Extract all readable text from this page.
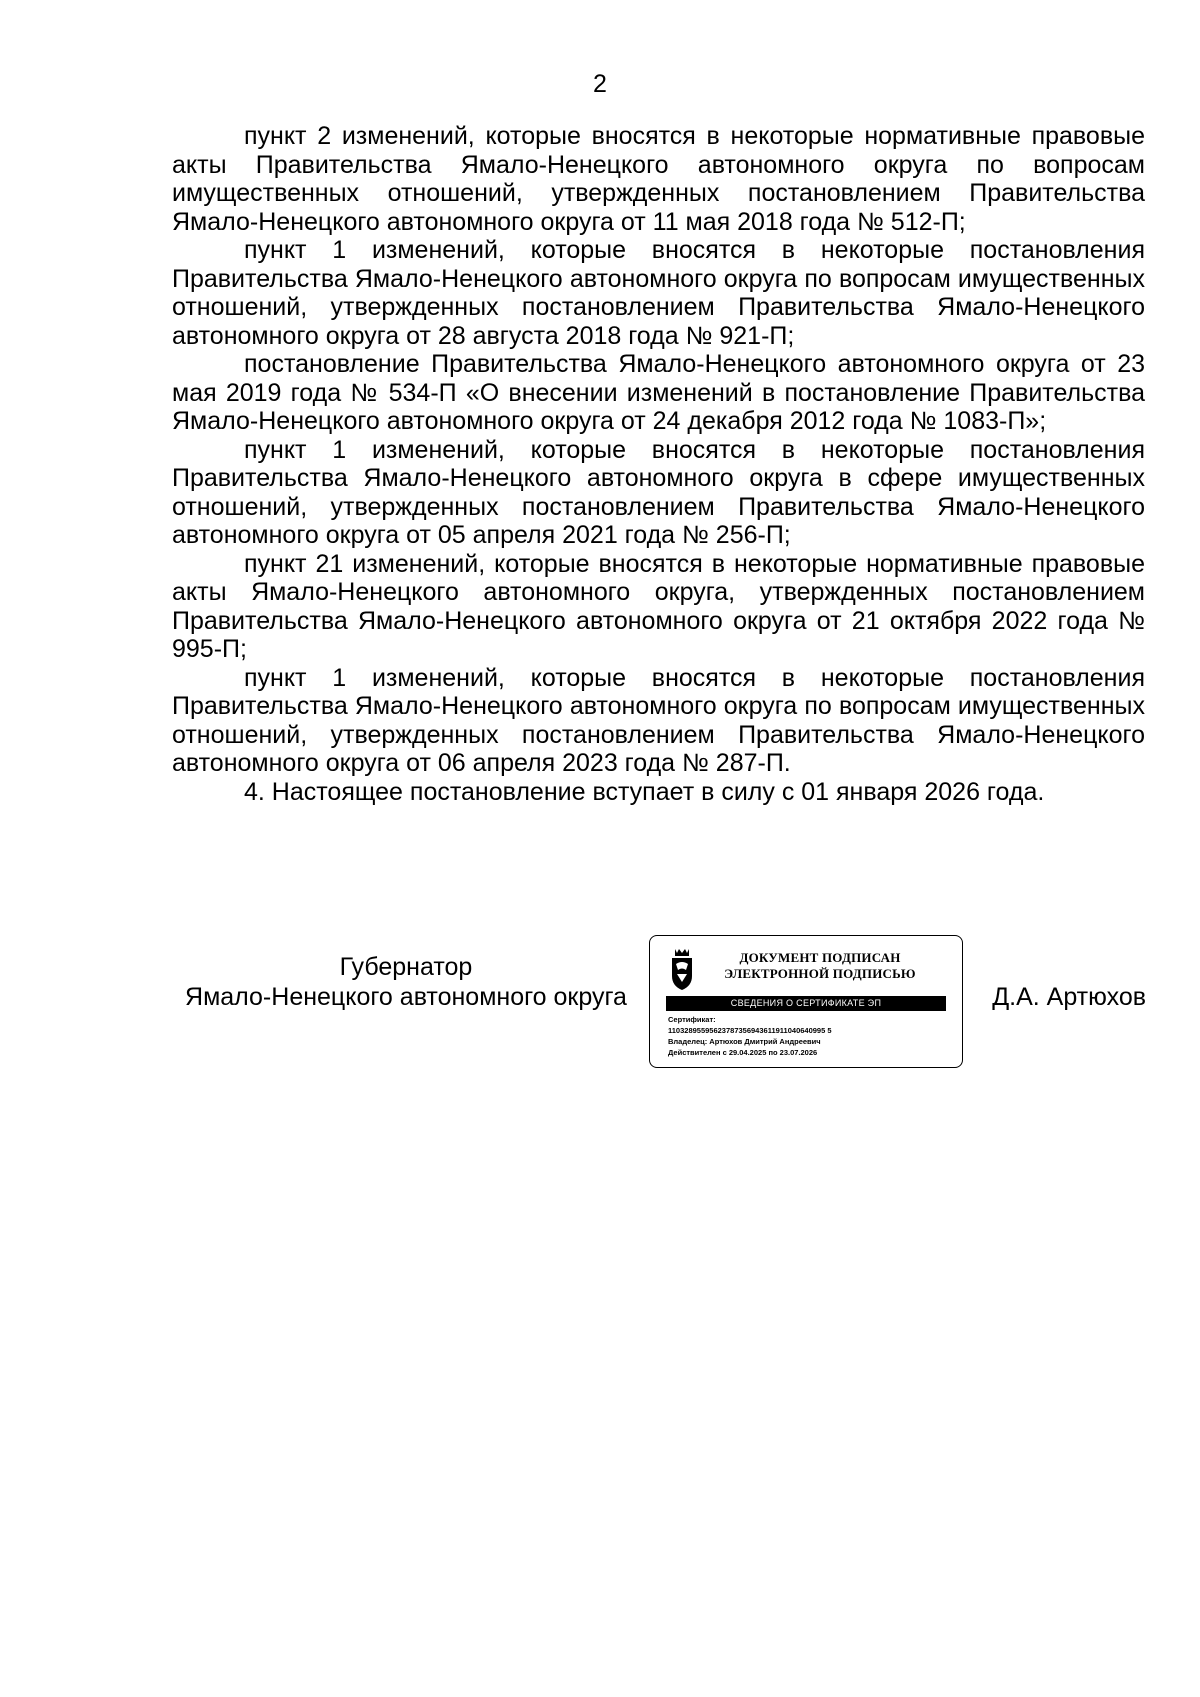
2

пункт 2 изменений, которые вносятся в некоторые нормативные правовые акты Правительства Ямало-Ненецкого автономного округа по вопросам имущественных отношений, утвержденных постановлением Правительства Ямало-Ненецкого автономного округа от 11 мая 2018 года № 512-П;

пункт 1 изменений, которые вносятся в некоторые постановления Правительства Ямало-Ненецкого автономного округа по вопросам имущественных отношений, утвержденных постановлением Правительства Ямало-Ненецкого автономного округа от 28 августа 2018 года № 921-П;

постановление Правительства Ямало-Ненецкого автономного округа от 23 мая 2019 года № 534-П «О внесении изменений в постановление Правительства Ямало-Ненецкого автономного округа от 24 декабря 2012 года № 1083-П»;

пункт 1 изменений, которые вносятся в некоторые постановления Правительства Ямало-Ненецкого автономного округа в сфере имущественных отношений, утвержденных постановлением Правительства Ямало-Ненецкого автономного округа от 05 апреля 2021 года № 256-П;

пункт 21 изменений, которые вносятся в некоторые нормативные правовые акты Ямало-Ненецкого автономного округа, утвержденных постановлением Правительства Ямало-Ненецкого автономного округа от 21 октября 2022 года № 995-П;

пункт 1 изменений, которые вносятся в некоторые постановления Правительства Ямало-Ненецкого автономного округа по вопросам имущественных отношений, утвержденных постановлением Правительства Ямало-Ненецкого автономного округа от 06 апреля 2023 года № 287-П.

4. Настоящее постановление вступает в силу с 01 января 2026 года.

Губернатор
Ямало-Ненецкого автономного округа
ДОКУМЕНТ ПОДПИСАН
ЭЛЕКТРОННОЙ ПОДПИСЬЮ
СВЕДЕНИЯ О СЕРТИФИКАТЕ ЭП
Сертификат:
11032895595623787356943611911040640995 5
Владелец: Артюхов Дмитрий Андреевич
Действителен с 29.04.2025 по 23.07.2026
Д.А. Артюхов
